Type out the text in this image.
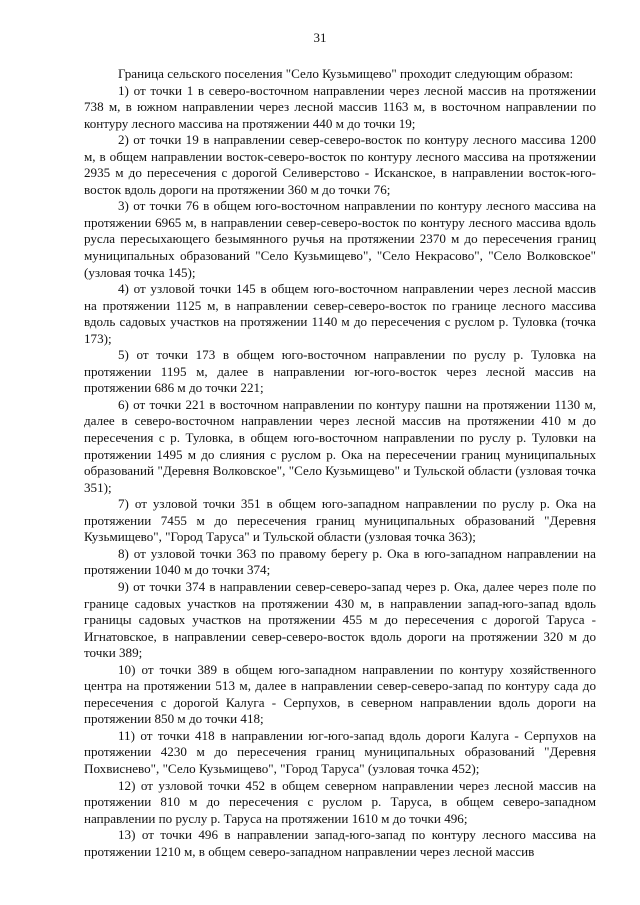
31

Граница сельского поселения "Село Кузьмищево" проходит следующим образом:

1) от точки 1 в северо-восточном направлении через лесной массив на протяжении 738 м, в южном направлении через лесной массив 1163 м, в восточном направлении по контуру лесного массива на протяжении 440 м до точки 19;

2) от точки 19 в направлении север-северо-восток по контуру лесного массива 1200 м, в общем направлении восток-северо-восток по контуру лесного массива на протяжении 2935 м до пересечения с дорогой Селиверстово - Исканское, в направлении восток-юго-восток вдоль дороги на протяжении 360 м до точки 76;

3) от точки 76 в общем юго-восточном направлении по контуру лесного массива на протяжении 6965 м, в направлении север-северо-восток по контуру лесного массива вдоль русла пересыхающего безымянного ручья на протяжении 2370 м до пересечения границ муниципальных образований "Село Кузьмищево", "Село Некрасово", "Село Волковское" (узловая точка 145);

4) от узловой точки 145 в общем юго-восточном направлении через лесной массив на протяжении 1125 м, в направлении север-северо-восток по границе лесного массива вдоль садовых участков на протяжении 1140 м до пересечения с руслом р. Туловка (точка 173);

5) от точки 173 в общем юго-восточном направлении по руслу р. Туловка на протяжении 1195 м, далее в направлении юг-юго-восток через лесной массив на протяжении 686 м до точки 221;

6) от точки 221 в восточном направлении по контуру пашни на протяжении 1130 м, далее в северо-восточном направлении через лесной массив на протяжении 410 м до пересечения с р. Туловка, в общем юго-восточном направлении по руслу р. Туловки на протяжении 1495 м до слияния с руслом р. Ока на пересечении границ муниципальных образований "Деревня Волковское", "Село Кузьмищево" и Тульской области (узловая точка 351);

7) от узловой точки 351 в общем юго-западном направлении по руслу р. Ока на протяжении 7455 м до пересечения границ муниципальных образований "Деревня Кузьмищево", "Город Таруса" и Тульской области (узловая точка 363);

8) от узловой точки 363 по правому берегу р. Ока в юго-западном направлении на протяжении 1040 м до точки 374;

9) от точки 374 в направлении север-северо-запад через р. Ока, далее через поле по границе садовых участков на протяжении 430 м, в направлении запад-юго-запад вдоль границы садовых участков на протяжении 455 м до пересечения с дорогой Таруса - Игнатовское, в направлении север-северо-восток вдоль дороги на протяжении 320 м до точки 389;

10) от точки 389 в общем юго-западном направлении по контуру хозяйственного центра на протяжении 513 м, далее в направлении север-северо-запад по контуру сада до пересечения с дорогой Калуга - Серпухов, в северном направлении вдоль дороги на протяжении 850 м до точки 418;

11) от точки 418 в направлении юг-юго-запад вдоль дороги Калуга - Серпухов на протяжении 4230 м до пересечения границ муниципальных образований "Деревня Похвиснево", "Село Кузьмищево", "Город Таруса" (узловая точка 452);

12) от узловой точки 452 в общем северном направлении через лесной массив на протяжении 810 м до пересечения с руслом р. Таруса, в общем северо-западном направлении по руслу р. Таруса на протяжении 1610 м до точки 496;

13) от точки 496 в направлении запад-юго-запад по контуру лесного массива на протяжении 1210 м, в общем северо-западном направлении через лесной массив
